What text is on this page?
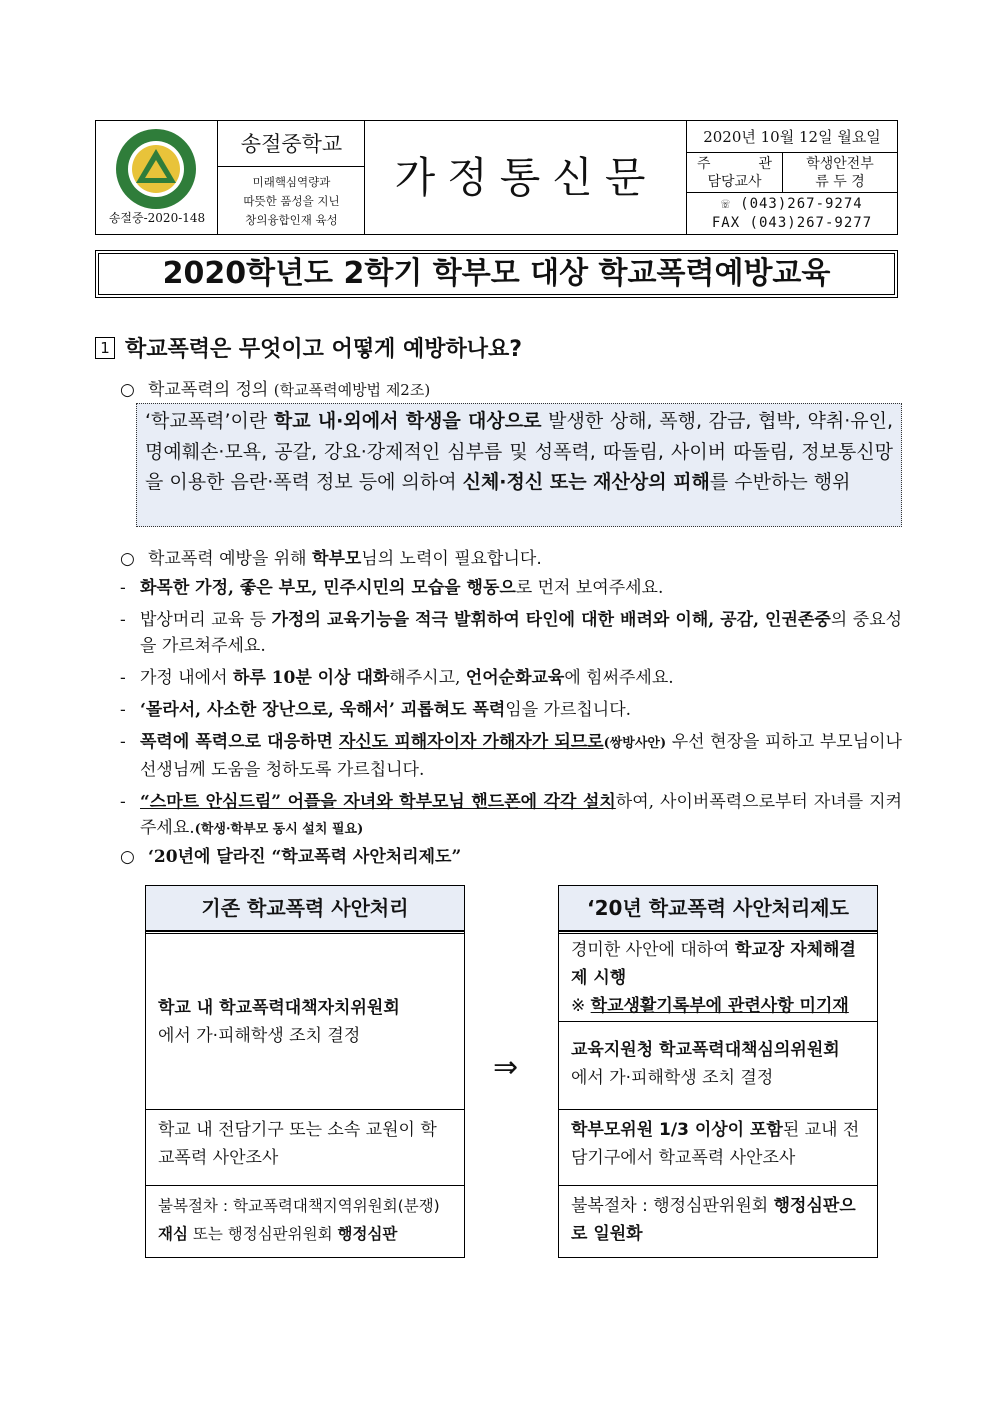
송절중-2020-148
송절중학교
미래핵심역량과
따뜻한 품성을 지닌
창의융합인재 육성
가정통신문
2020년 10월 12일 월요일
주	관
담당교사
학생안전부
류 두 경
☏ (043)267-9274
FAX (043)267-9277
2020학년도 2학기 학부모 대상 학교폭력예방교육
1 학교폭력은 무엇이고 어떻게 예방하나요?
○ 학교폭력의 정의 (학교폭력예방법 제2조)
‘학교폭력’이란 학교 내·외에서 학생을 대상으로 발생한 상해, 폭행, 감금, 협박, 약취·유인, 명예훼손·모욕, 공갈, 강요·강제적인 심부름 및 성폭력, 따돌림, 사이버 따돌림, 정보통신망을 이용한 음란·폭력 정보 등에 의하여 신체·정신 또는 재산상의 피해를 수반하는 행위
○ 학교폭력 예방을 위해 학부모님의 노력이 필요합니다.
- 화목한 가정, 좋은 부모, 민주시민의 모습을 행동으로 먼저 보여주세요.
- 밥상머리 교육 등 가정의 교육기능을 적극 발휘하여 타인에 대한 배려와 이해, 공감, 인권존중의 중요성을 가르쳐주세요.
- 가정 내에서 하루 10분 이상 대화해주시고, 언어순화교육에 힘써주세요.
- ‘몰라서, 사소한 장난으로, 욱해서’ 괴롭혀도 폭력임을 가르칩니다.
- 폭력에 폭력으로 대응하면 자신도 피해자이자 가해자가 되므로(쌍방사안) 우선 현장을 피하고 부모님이나 선생님께 도움을 청하도록 가르칩니다.
- “스마트 안심드림” 어플을 자녀와 학부모님 핸드폰에 각각 설치하여, 사이버폭력으로부터 자녀를 지켜주세요.(학생·학부모 동시 설치 필요)
○ ‘20년에 달라진 “학교폭력 사안처리제도”
기존 학교폭력 사안처리
학교 내 학교폭력대책자치위원회
에서 가·피해학생 조치 결정
학교 내 전담기구 또는 소속 교원이 학교폭력 사안조사
불복절차 : 학교폭력대책지역위원회(분쟁) 재심 또는 행정심판위원회 행정심판
⇒
‘20년 학교폭력 사안처리제도
경미한 사안에 대하여 학교장 자체해결제 시행
※ 학교생활기록부에 관련사항 미기재
교육지원청 학교폭력대책심의위원회
에서 가·피해학생 조치 결정
학부모위원 1/3 이상이 포함된 교내 전담기구에서 학교폭력 사안조사
불복절차 : 행정심판위원회 행정심판으로 일원화
